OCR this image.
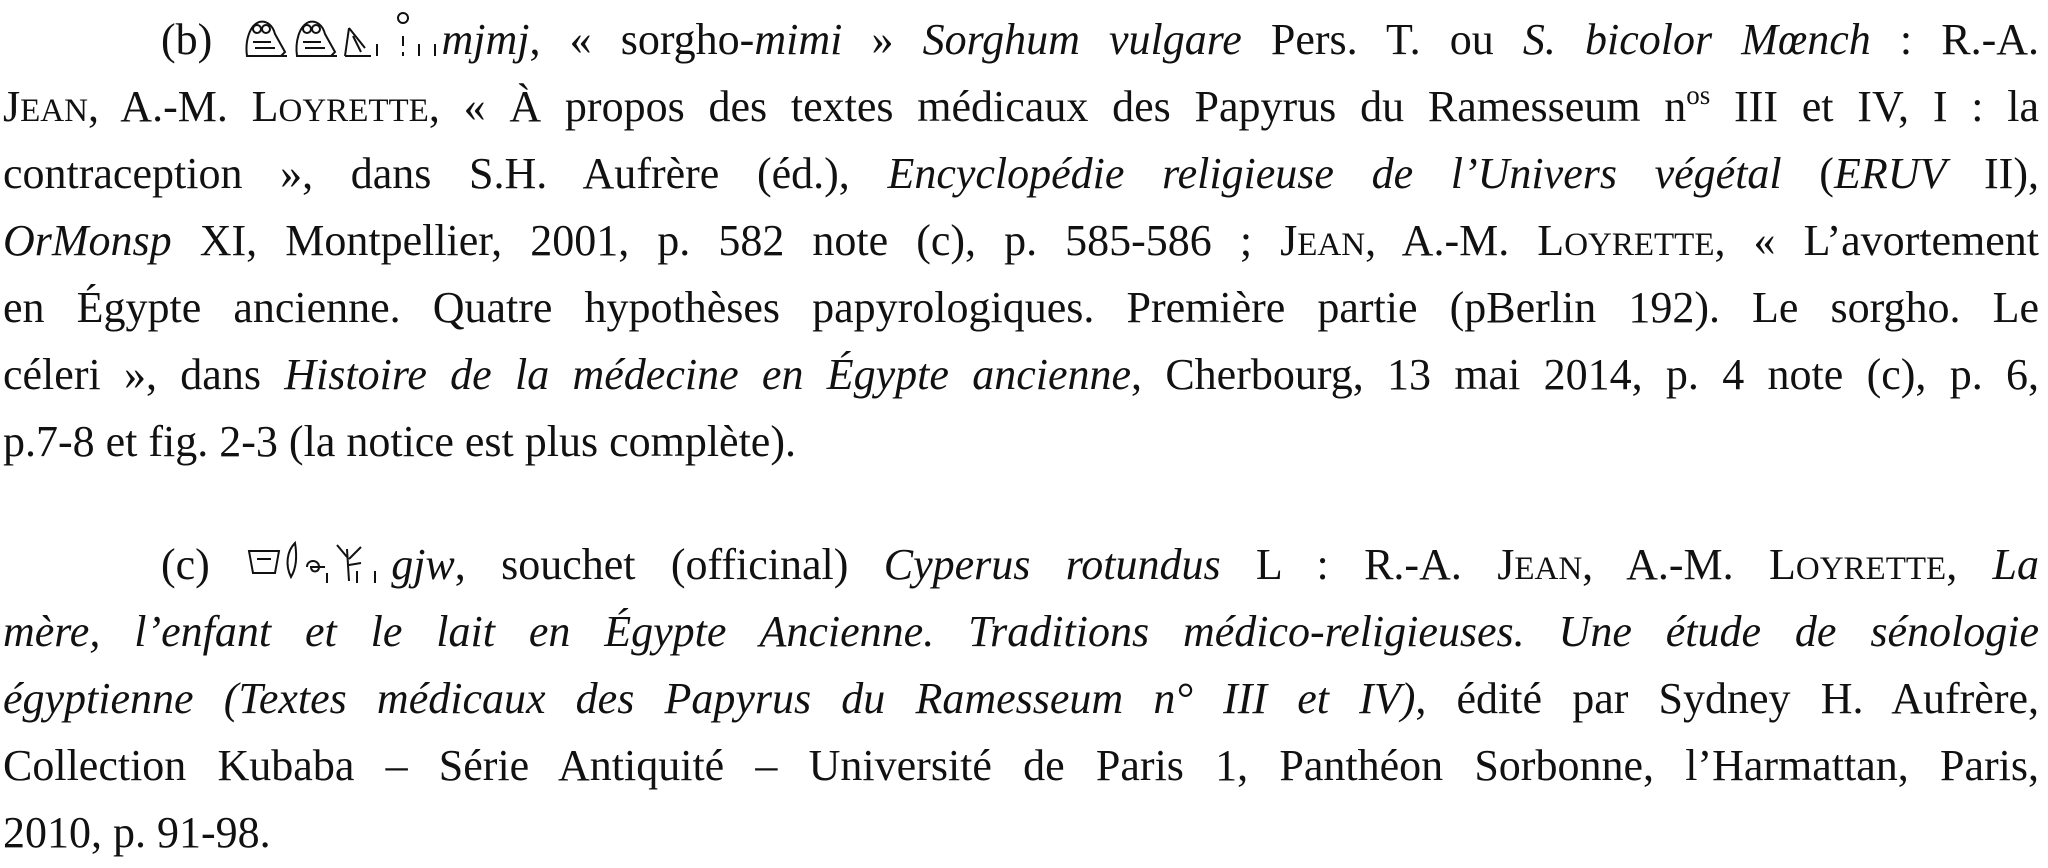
(b)	mjmj, « sorgho-mimi » Sorghum vulgare Pers. T. ou S. bicolor Mœnch : R.-A.
JEAN, A.-M. LOYRETTE, « À propos des textes médicaux des Papyrus du Ramesseum $n^{os}$ III et IV, I : la
contraception », dans S.H. Aufrère (éd.), Encyclopédie religieuse de l’Univers végétal (ERUV II),
OrMonsp XI, Montpellier, 2001, p. 582 note (c), p. 585-586 ; JEAN, A.-M. LOYRETTE, « L’avortement
en Égypte ancienne. Quatre hypothèses papyrologiques. Première partie (pBerlin 192). Le sorgho. Le
céleri », dans Histoire de la médecine en Égypte ancienne, Cherbourg, 13 mai 2014, p. 4 note (c), p. 6,
p.7-8 et fig. 2-3 (la notice est plus complète).
(c)	gjw, souchet (officinal) Cyperus rotundus L : R.-A. JEAN, A.-M. LOYRETTE, La
mère, l’enfant et le lait en Égypte Ancienne. Traditions médico-religieuses. Une étude de sénologie
égyptienne (Textes médicaux des Papyrus du Ramesseum n° III et IV), édité par Sydney H. Aufrère,
Collection Kubaba – Série Antiquité – Université de Paris 1, Panthéon Sorbonne, l’Harmattan, Paris,
2010, p. 91-98.
